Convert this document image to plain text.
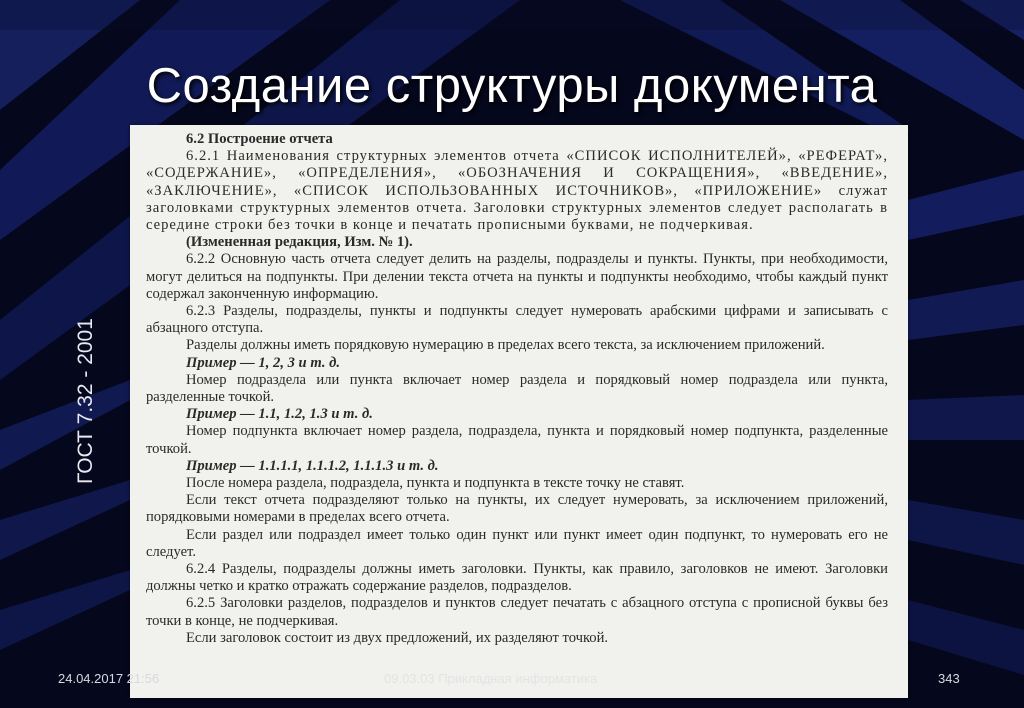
Создание структуры документа
ГОСТ 7.32 - 2001
6.2 Построение отчета

6.2.1 Наименования структурных элементов отчета «СПИСОК ИСПОЛНИТЕЛЕЙ», «РЕФЕРАТ», «СОДЕРЖАНИЕ», «ОПРЕДЕЛЕНИЯ», «ОБОЗНАЧЕНИЯ И СОКРАЩЕНИЯ», «ВВЕДЕНИЕ», «ЗАКЛЮЧЕНИЕ», «СПИСОК ИСПОЛЬЗОВАННЫХ ИСТОЧНИКОВ», «ПРИЛОЖЕНИЕ» служат заголовками структурных элементов отчета. Заголовки структурных элементов следует располагать в середине строки без точки в конце и печатать прописными буквами, не подчеркивая.

(Измененная редакция, Изм. № 1).

6.2.2 Основную часть отчета следует делить на разделы, подразделы и пункты. Пункты, при необходимости, могут делиться на подпункты. При делении текста отчета на пункты и подпункты необходимо, чтобы каждый пункт содержал законченную информацию.

6.2.3 Разделы, подразделы, пункты и подпункты следует нумеровать арабскими цифрами и записывать с абзацного отступа.

Разделы должны иметь порядковую нумерацию в пределах всего текста, за исключением приложений.

Пример — 1, 2, 3 и т. д.

Номер подраздела или пункта включает номер раздела и порядковый номер подраздела или пункта, разделенные точкой.

Пример — 1.1, 1.2, 1.3 и т. д.

Номер подпункта включает номер раздела, подраздела, пункта и порядковый номер подпункта, разделенные точкой.

Пример — 1.1.1.1, 1.1.1.2, 1.1.1.3 и т. д.

После номера раздела, подраздела, пункта и подпункта в тексте точку не ставят.

Если текст отчета подразделяют только на пункты, их следует нумеровать, за исключением приложений, порядковыми номерами в пределах всего отчета.

Если раздел или подраздел имеет только один пункт или пункт имеет один подпункт, то нумеровать его не следует.

6.2.4 Разделы, подразделы должны иметь заголовки. Пункты, как правило, заголовков не имеют. Заголовки должны четко и кратко отражать содержание разделов, подразделов.

6.2.5 Заголовки разделов, подразделов и пунктов следует печатать с абзацного отступа с прописной буквы без точки в конце, не подчеркивая.

Если заголовок состоит из двух предложений, их разделяют точкой.

24.04.2017 21:56	09.03.03 Прикладная информатика	343
